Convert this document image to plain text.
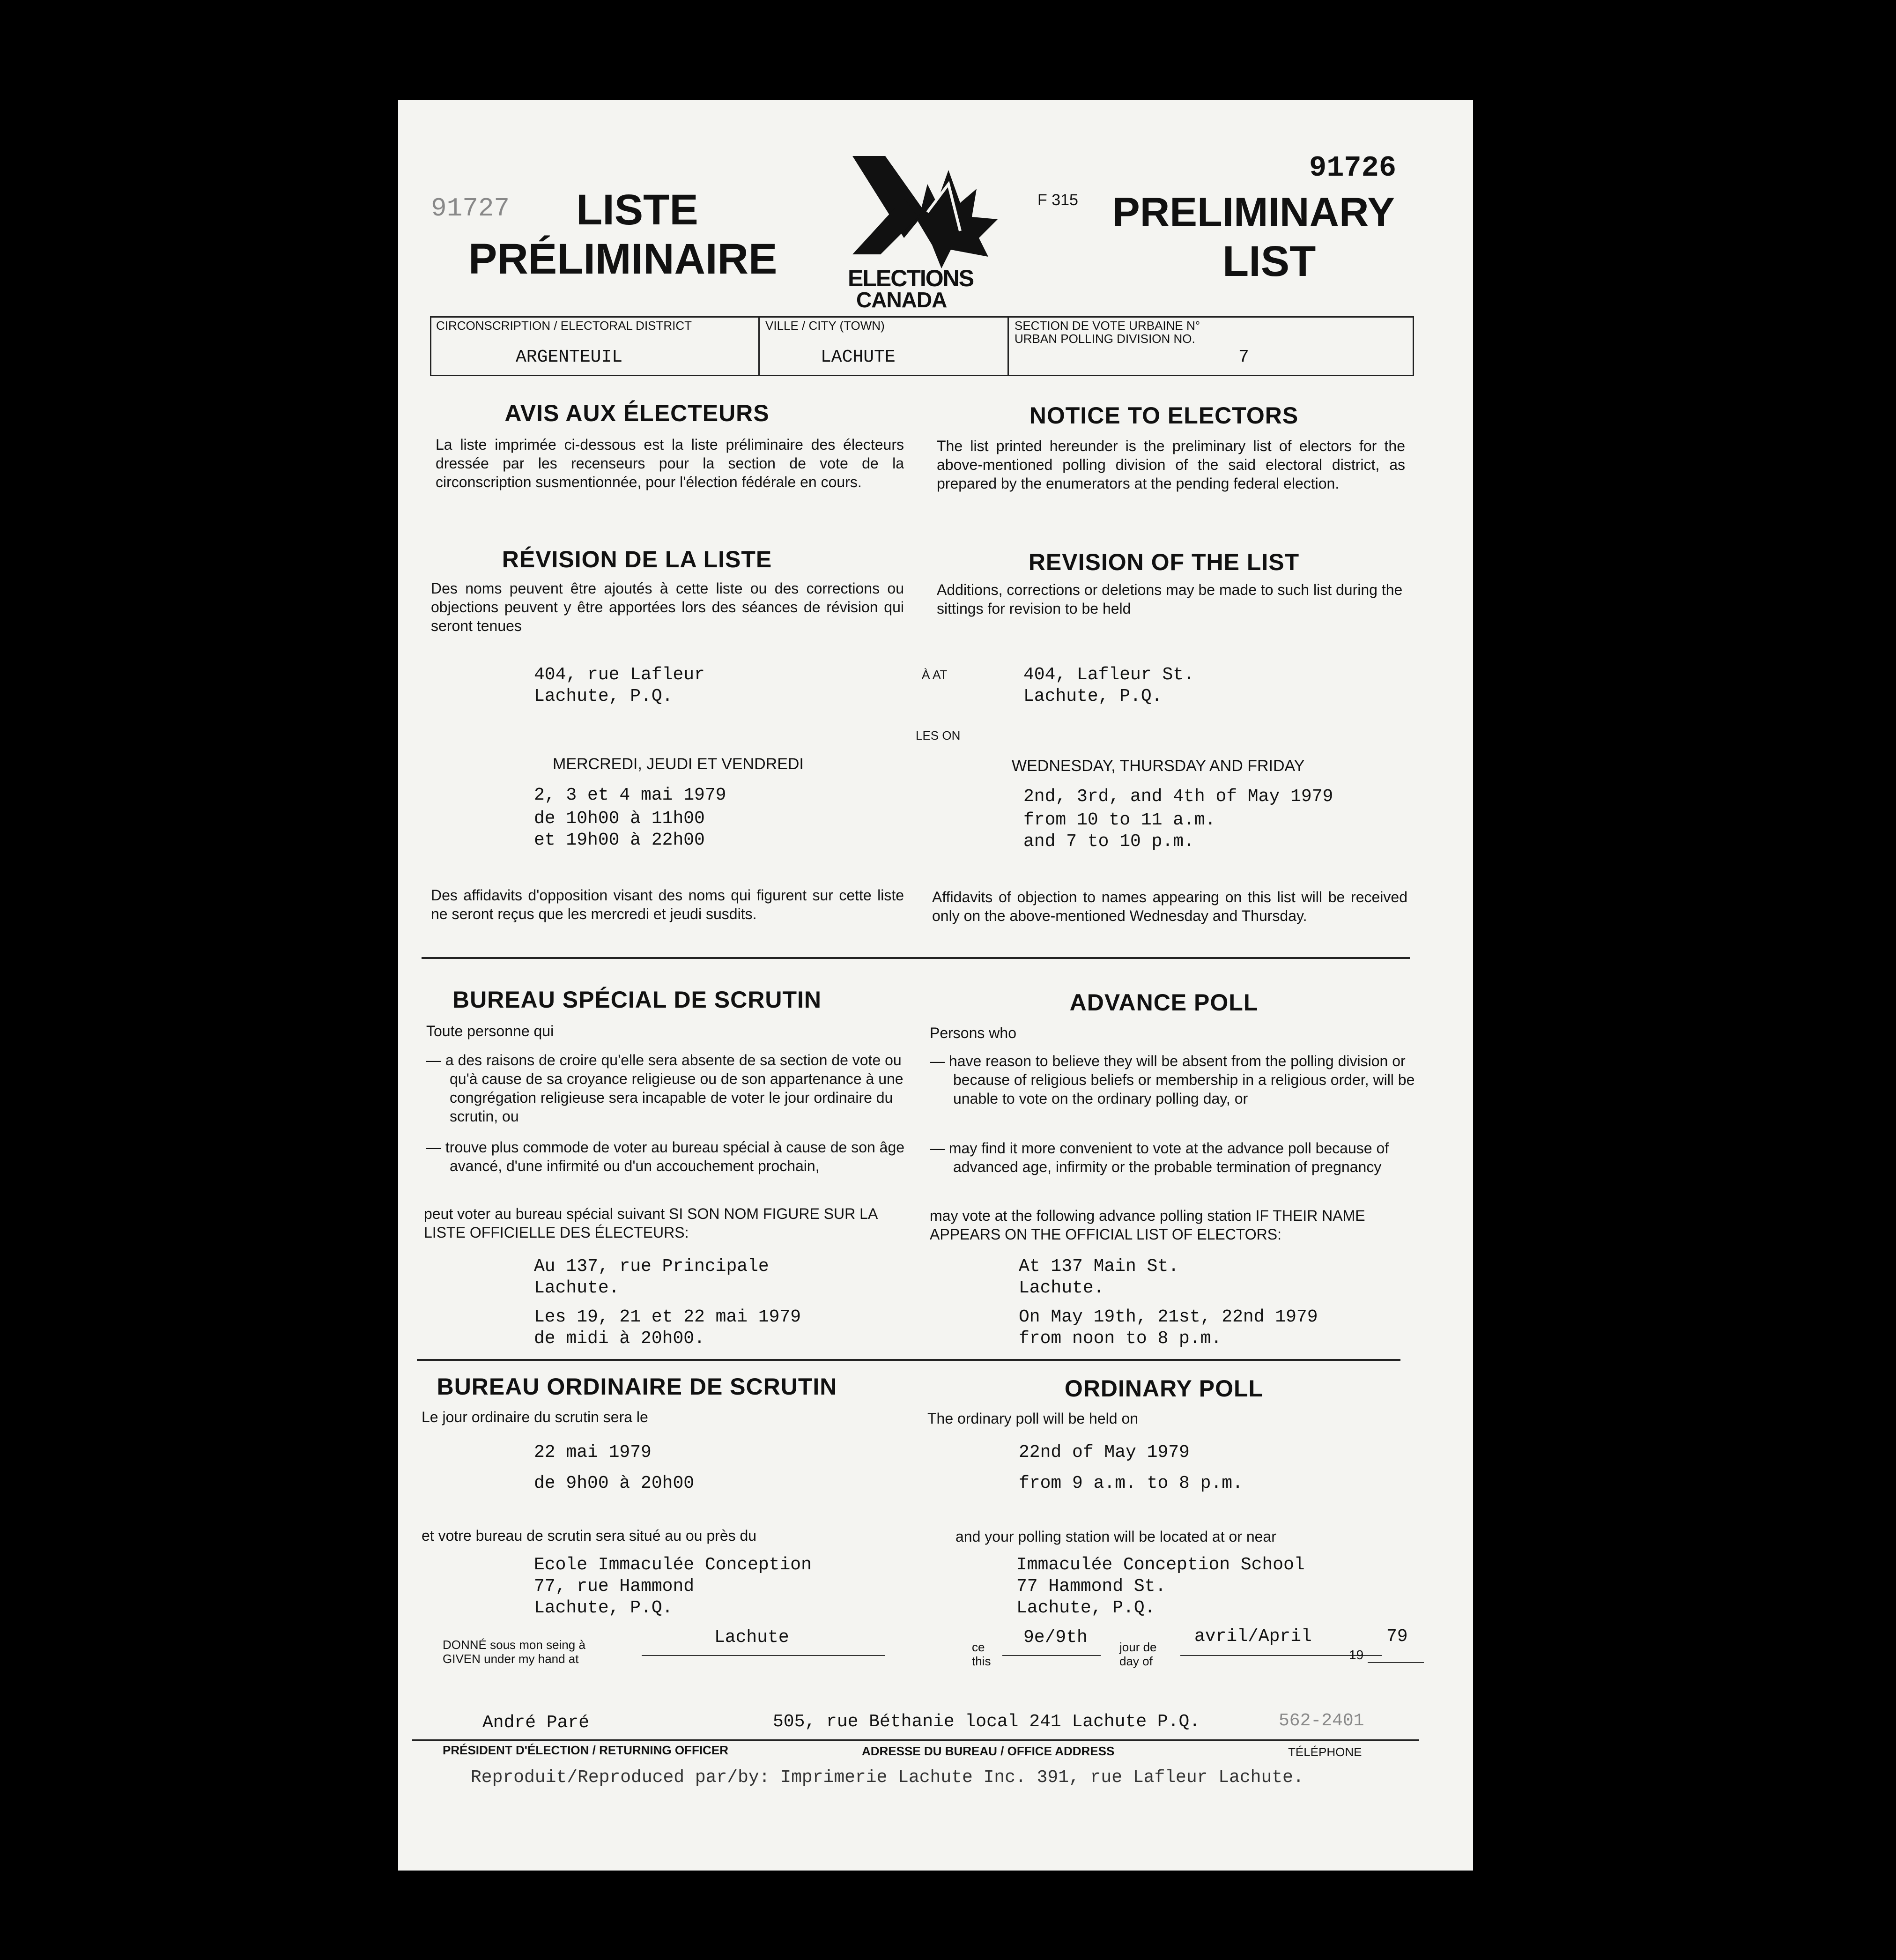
91727
91726
F 315
LISTE
PRÉLIMINAIRE
PRELIMINARY
LIST
ELECTIONS
CANADA
CIRCONSCRIPTION / ELECTORAL DISTRICT
ARGENTEUIL
VILLE / CITY (TOWN)
LACHUTE
SECTION DE VOTE URBAINE N°
URBAN POLLING DIVISION NO.
7
AVIS AUX ÉLECTEURS
La liste imprimée ci-dessous est la liste préliminaire des électeurs dressée par les recenseurs pour la section de vote de la circonscription susmentionnée, pour l'élection fédérale en cours.
NOTICE TO ELECTORS
The list printed hereunder is the preliminary list of electors for the above-mentioned polling division of the said electoral district, as prepared by the enumerators at the pending federal election.
RÉVISION DE LA LISTE
Des noms peuvent être ajoutés à cette liste ou des corrections ou objections peuvent y être apportées lors des séances de révision qui seront tenues
REVISION OF THE LIST
Additions, corrections or deletions may be made to such list during the sittings for revision to be held
404, rue Lafleur
Lachute, P.Q.
À AT	404, Lafleur St.
Lachute, P.Q.
LES ON
MERCREDI, JEUDI ET VENDREDI	WEDNESDAY, THURSDAY AND FRIDAY
2, 3 et 4 mai 1979
de 10h00 à 11h00
et 19h00 à 22h00
2nd, 3rd, and 4th of May 1979
from 10 to 11 a.m.
and 7 to 10 p.m.
Des affidavits d'opposition visant des noms qui figurent sur cette liste ne seront reçus que les mercredi et jeudi susdits.
Affidavits of objection to names appearing on this list will be received only on the above-mentioned Wednesday and Thursday.
BUREAU SPÉCIAL DE SCRUTIN
Toute personne qui
— a des raisons de croire qu'elle sera absente de sa section de vote ou qu'à cause de sa croyance religieuse ou de son appartenance à une congrégation religieuse sera incapable de voter le jour ordinaire du scrutin, ou
— trouve plus commode de voter au bureau spécial à cause de son âge avancé, d'une infirmité ou d'un accouchement prochain,
peut voter au bureau spécial suivant SI SON NOM FIGURE SUR LA LISTE OFFICIELLE DES ÉLECTEURS:
ADVANCE POLL
Persons who
— have reason to believe they will be absent from the polling division or because of religious beliefs or membership in a religious order, will be unable to vote on the ordinary polling day, or
— may find it more convenient to vote at the advance poll because of advanced age, infirmity or the probable termination of pregnancy
may vote at the following advance polling station IF THEIR NAME APPEARS ON THE OFFICIAL LIST OF ELECTORS:
Au 137, rue Principale
Lachute.
Les 19, 21 et 22 mai 1979
de midi à 20h00.
At 137 Main St.
Lachute.
On May 19th, 21st, 22nd 1979
from noon to 8 p.m.
BUREAU ORDINAIRE DE SCRUTIN
Le jour ordinaire du scrutin sera le
22 mai 1979
de 9h00 à 20h00
et votre bureau de scrutin sera situé au ou près du
Ecole Immaculée Conception
77, rue Hammond
Lachute, P.Q.
ORDINARY POLL
The ordinary poll will be held on
22nd of May 1979
from 9 a.m. to 8 p.m.
and your polling station will be located at or near
Immaculée Conception School
77 Hammond St.
Lachute, P.Q.
DONNÉ sous mon seing à
GIVEN under my hand at
Lachute	ce
this
9e/9th	jour de
day of
avril/April
19
79
André Paré	505, rue Béthanie local 241 Lachute P.Q.	562-2401
PRÉSIDENT D'ÉLECTION / RETURNING OFFICER	ADRESSE DU BUREAU / OFFICE ADDRESS	TÉLÉPHONE
Reproduit/Reproduced par/by: Imprimerie Lachute Inc. 391, rue Lafleur Lachute.
